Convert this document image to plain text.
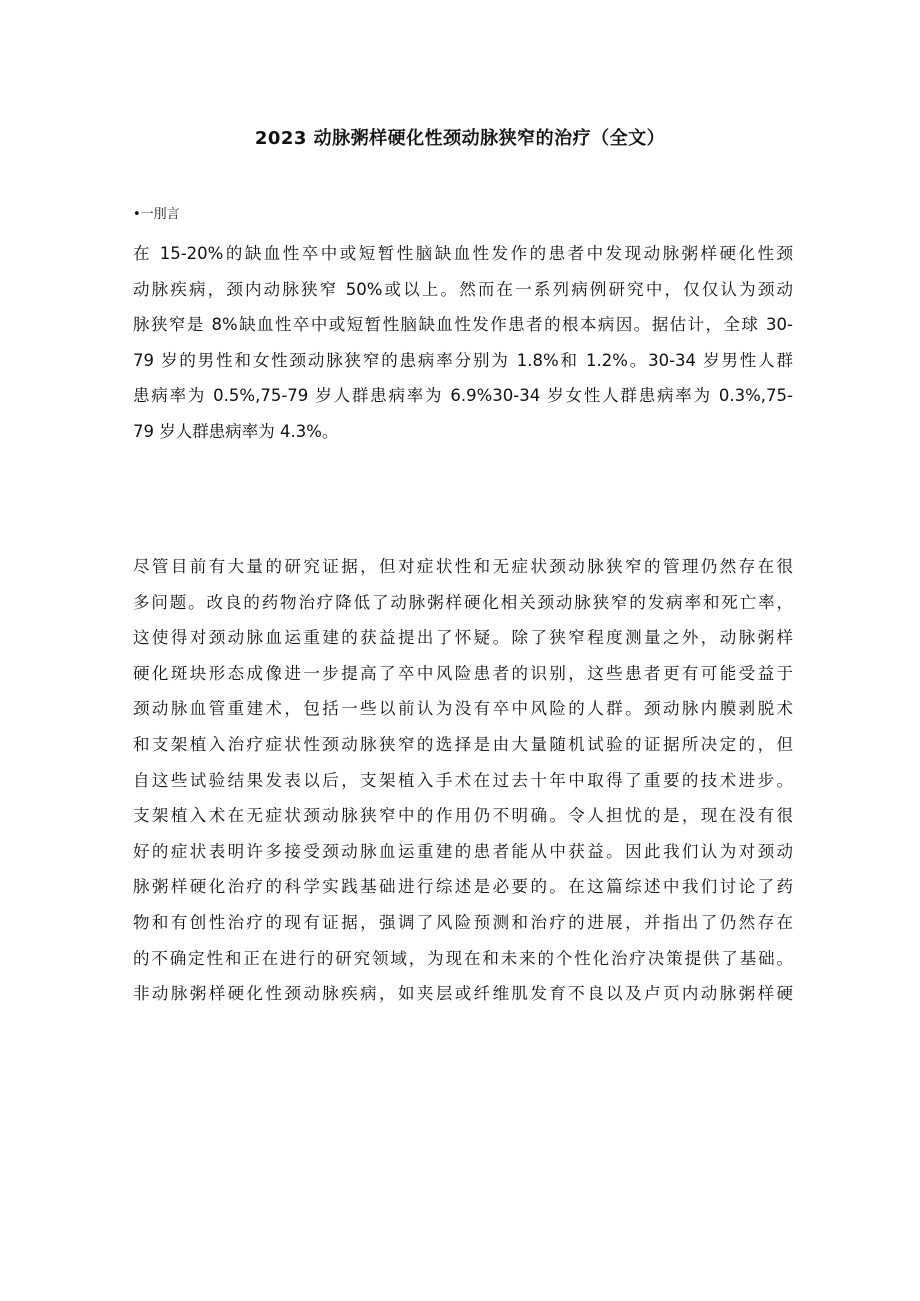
2023 动脉粥样硬化性颈动脉狭窄的治疗（全文）
•一刖言
在 15-20%的缺血性卒中或短暂性脑缺血性发作的患者中发现动脉粥样硬化性颈
动脉疾病，颈内动脉狭窄 50%或以上。然而在一系列病例研究中，仅仅认为颈动
脉狭窄是 8%缺血性卒中或短暂性脑缺血性发作患者的根本病因。据估计，全球 30-
79 岁的男性和女性颈动脉狭窄的患病率分别为 1.8%和 1.2%。30-34 岁男性人群
患病率为 0.5%,75-79 岁人群患病率为 6.9%30-34 岁女性人群患病率为 0.3%,75-
79 岁人群患病率为 4.3%。
尽管目前有大量的研究证据，但对症状性和无症状颈动脉狭窄的管理仍然存在很
多问题。改良的药物治疗降低了动脉粥样硬化相关颈动脉狭窄的发病率和死亡率，
这使得对颈动脉血运重建的获益提出了怀疑。除了狭窄程度测量之外，动脉粥样
硬化斑块形态成像进一步提高了卒中风险患者的识别，这些患者更有可能受益于
颈动脉血管重建术，包括一些以前认为没有卒中风险的人群。颈动脉内膜剥脱术
和支架植入治疗症状性颈动脉狭窄的选择是由大量随机试验的证据所决定的，但
自这些试验结果发表以后，支架植入手术在过去十年中取得了重要的技术进步。
支架植入术在无症状颈动脉狭窄中的作用仍不明确。令人担忧的是，现在没有很
好的症状表明许多接受颈动脉血运重建的患者能从中获益。因此我们认为对颈动
脉粥样硬化治疗的科学实践基础进行综述是必要的。在这篇综述中我们讨论了药
物和有创性治疗的现有证据，强调了风险预测和治疗的进展，并指出了仍然存在
的不确定性和正在进行的研究领域，为现在和未来的个性化治疗决策提供了基础。
非动脉粥样硬化性颈动脉疾病，如夹层或纤维肌发育不良以及卢页内动脉粥样硬
